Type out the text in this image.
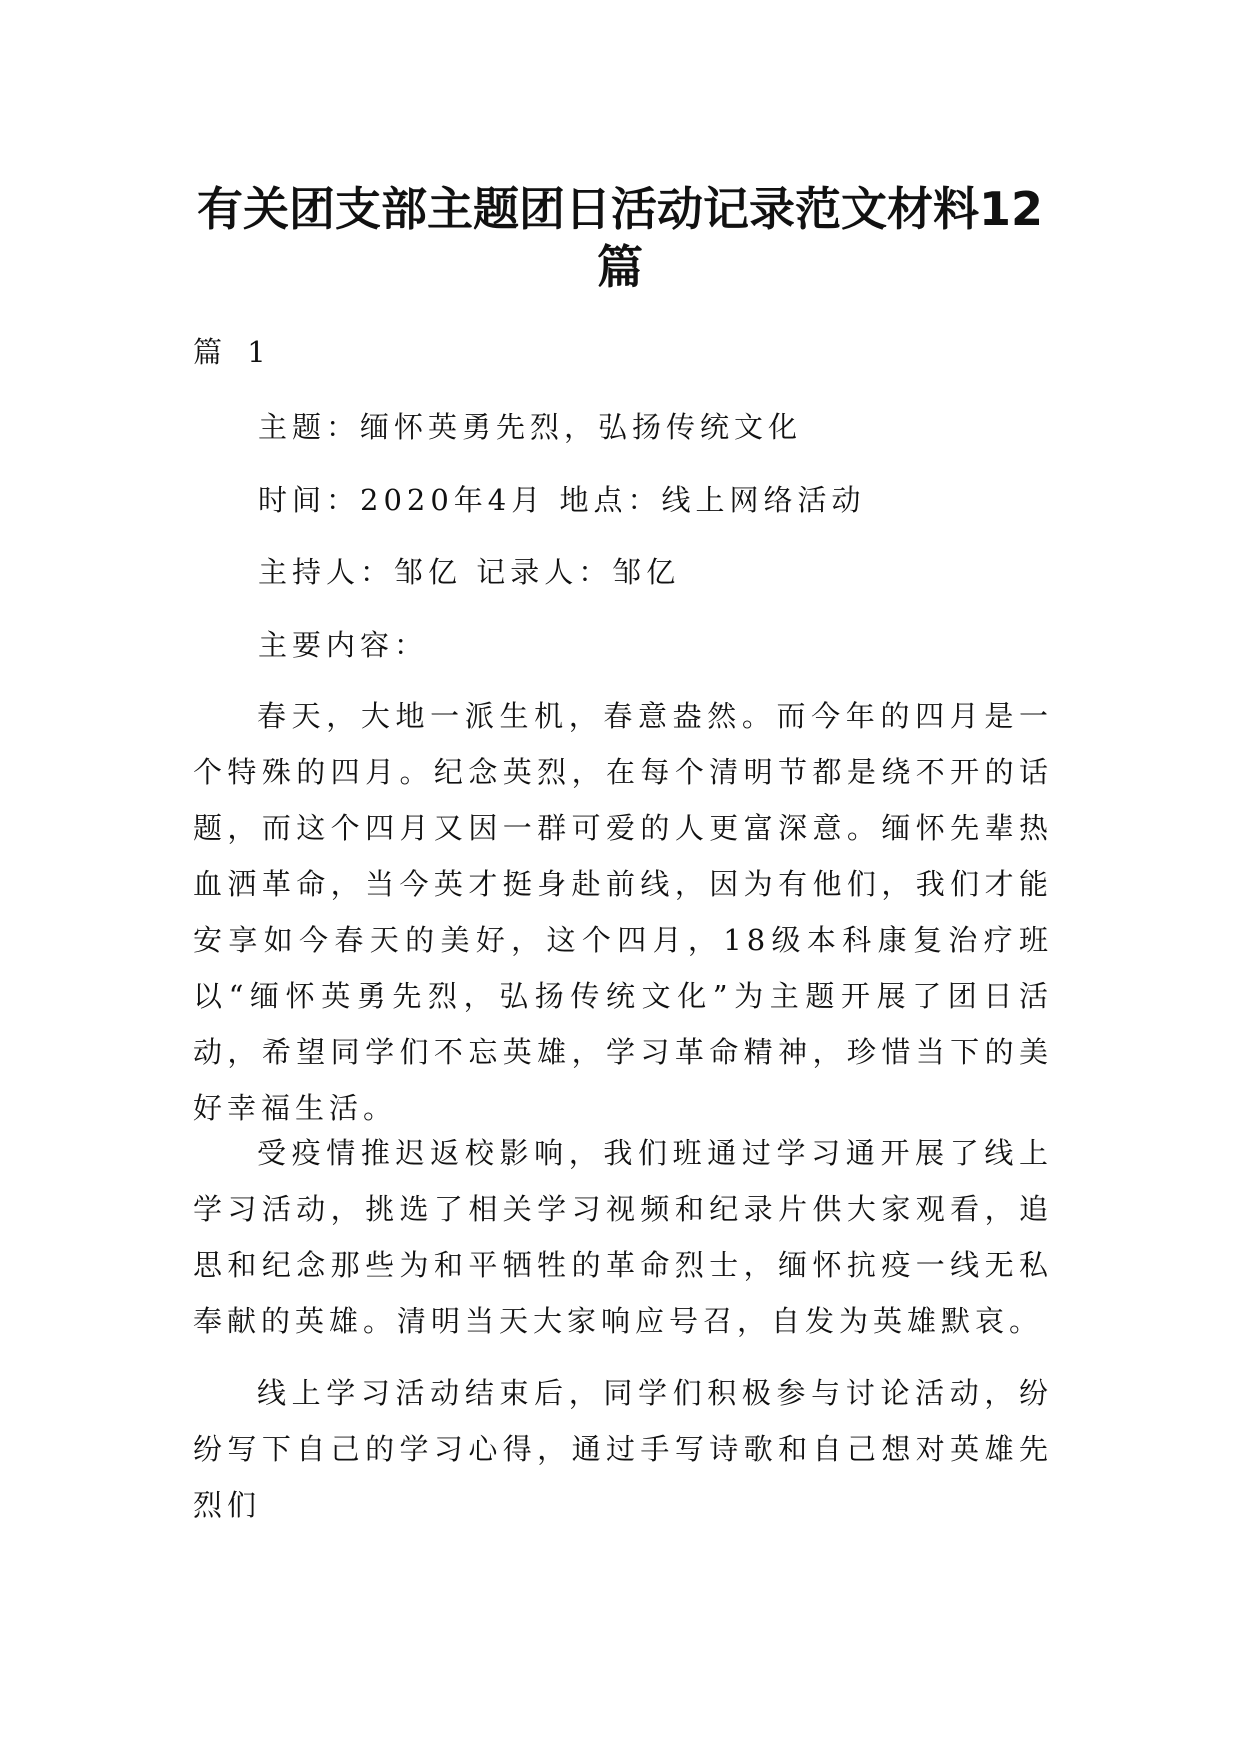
有关团支部主题团日活动记录范文材料12篇
篇 1
主题：缅怀英勇先烈，弘扬传统文化
时间：2020年4月 地点：线上网络活动
主持人：邹亿 记录人：邹亿
主要内容：
春天，大地一派生机，春意盎然。而今年的四月是一个特殊的四月。纪念英烈，在每个清明节都是绕不开的话题，而这个四月又因一群可爱的人更富深意。缅怀先辈热血洒革命，当今英才挺身赴前线，因为有他们，我们才能安享如今春天的美好，这个四月，18级本科康复治疗班以“缅怀英勇先烈，弘扬传统文化”为主题开展了团日活动，希望同学们不忘英雄，学习革命精神，珍惜当下的美好幸福生活。
受疫情推迟返校影响，我们班通过学习通开展了线上学习活动，挑选了相关学习视频和纪录片供大家观看，追思和纪念那些为和平牺牲的革命烈士，缅怀抗疫一线无私奉献的英雄。清明当天大家响应号召，自发为英雄默哀。
线上学习活动结束后，同学们积极参与讨论活动，纷纷写下自己的学习心得，通过手写诗歌和自己想对英雄先烈们
